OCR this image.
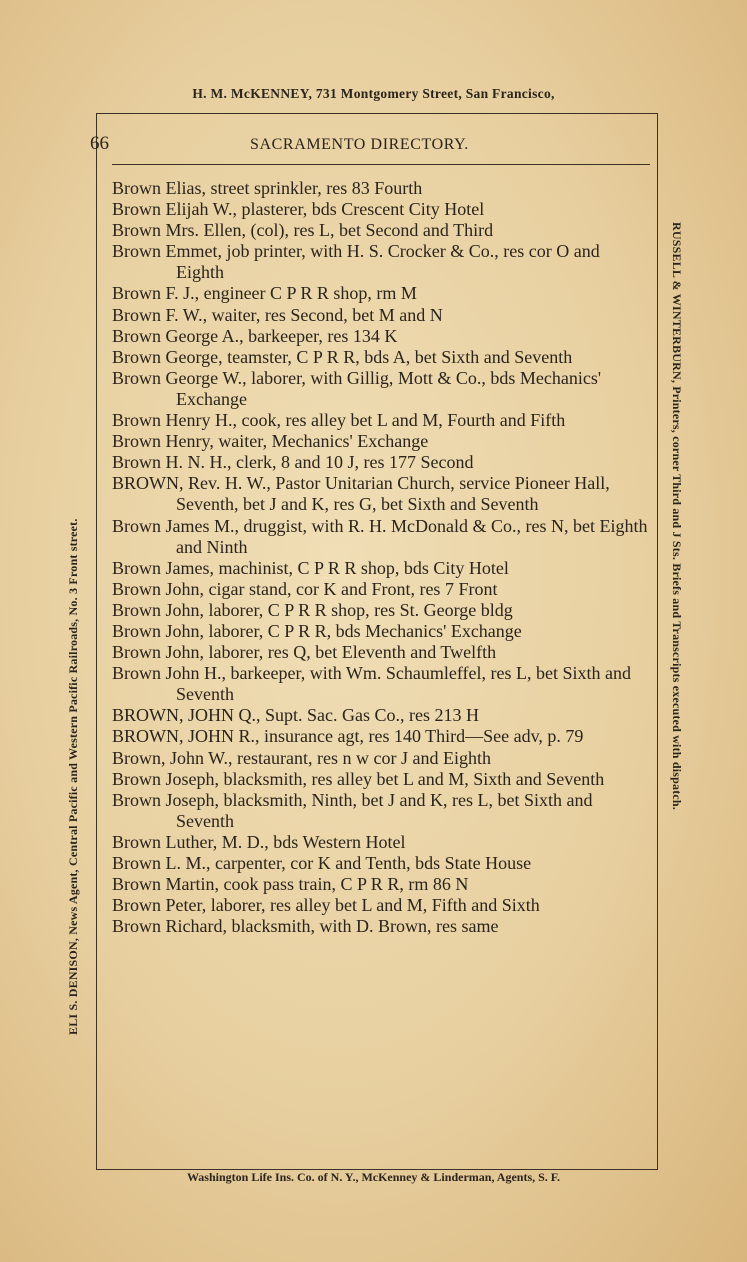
H. M. McKENNEY, 731 Montgomery Street, San Francisco,
66	SACRAMENTO DIRECTORY.
Brown Elias, street sprinkler, res 83 Fourth
Brown Elijah W., plasterer, bds Crescent City Hotel
Brown Mrs. Ellen, (col), res L, bet Second and Third
Brown Emmet, job printer, with H. S. Crocker & Co., res cor O and Eighth
Brown F. J., engineer C P R R shop, rm M
Brown F. W., waiter, res Second, bet M and N
Brown George A., barkeeper, res 134 K
Brown George, teamster, C P R R, bds A, bet Sixth and Seventh
Brown George W., laborer, with Gillig, Mott & Co., bds Mechanics' Exchange
Brown Henry H., cook, res alley bet L and M, Fourth and Fifth
Brown Henry, waiter, Mechanics' Exchange
Brown H. N. H., clerk, 8 and 10 J, res 177 Second
BROWN, Rev. H. W., Pastor Unitarian Church, service Pioneer Hall, Seventh, bet J and K, res G, bet Sixth and Seventh
Brown James M., druggist, with R. H. McDonald & Co., res N, bet Eighth and Ninth
Brown James, machinist, C P R R shop, bds City Hotel
Brown John, cigar stand, cor K and Front, res 7 Front
Brown John, laborer, C P R R shop, res St. George bldg
Brown John, laborer, C P R R, bds Mechanics' Exchange
Brown John, laborer, res Q, bet Eleventh and Twelfth
Brown John H., barkeeper, with Wm. Schaumleffel, res L, bet Sixth and Seventh
BROWN, JOHN Q., Supt. Sac. Gas Co., res 213 H
BROWN, JOHN R., insurance agt, res 140 Third—See adv, p. 79
Brown, John W., restaurant, res n w cor J and Eighth
Brown Joseph, blacksmith, res alley bet L and M, Sixth and Seventh
Brown Joseph, blacksmith, Ninth, bet J and K, res L, bet Sixth and Seventh
Brown Luther, M. D., bds Western Hotel
Brown L. M., carpenter, cor K and Tenth, bds State House
Brown Martin, cook pass train, C P R R, rm 86 N
Brown Peter, laborer, res alley bet L and M, Fifth and Sixth
Brown Richard, blacksmith, with D. Brown, res same
ELI S. DENISON, News Agent, Central Pacific and Western Pacific Railroads, No. 3 Front street.	RUSSELL & WINTERBURN, Printers, corner Third and J Sts. Briefs and Transcripts executed with dispatch.
Washington Life Ins. Co. of N. Y., McKenney & Linderman, Agents, S. F.
